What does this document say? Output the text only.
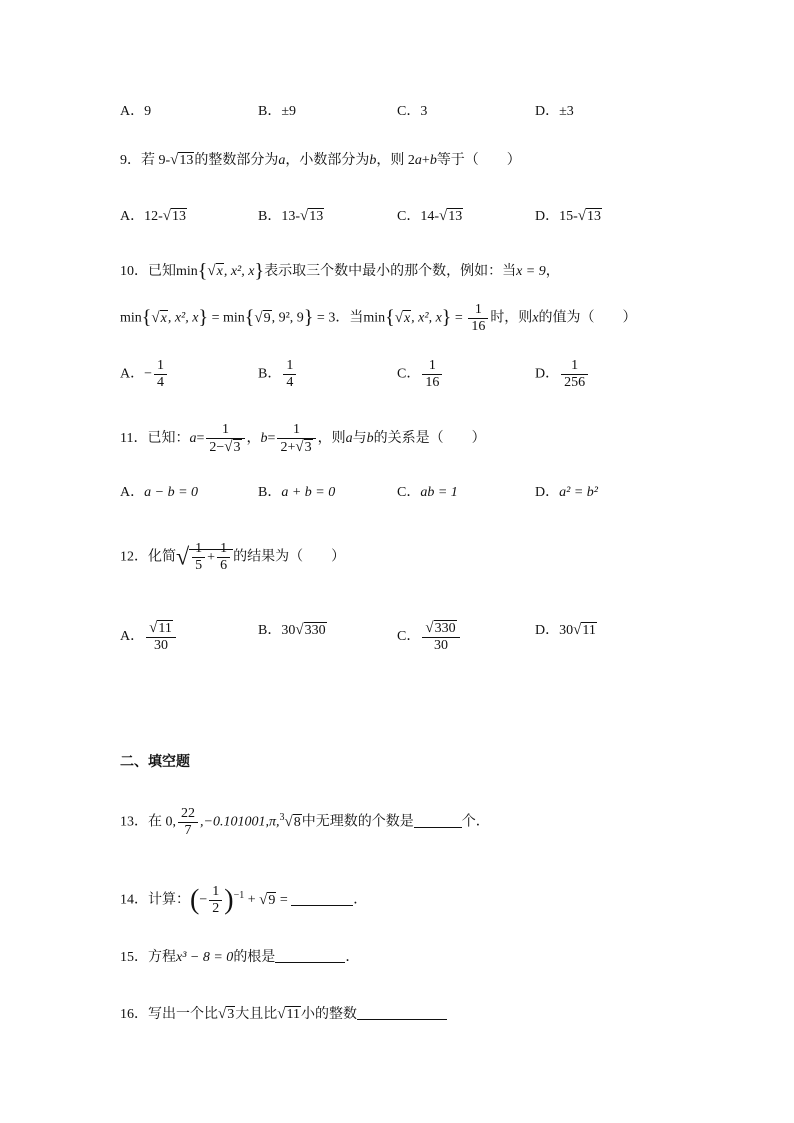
A．9	B．±9	C．3	D．±3
9．若 9-√13的整数部分为a，小数部分为b，则 2a+b等于（　　）
A．12-√13	B．13-√13	C．14-√13	D．15-√13
10．已知min{√x, x², x}表示取三个数中最小的那个数，例如：当x = 9，
min{√x, x², x} = min{√9, 9², 9} = 3．当min{√x, x², $x\} = \frac{1}{16}$ 时，则x的值为（　　）
A．− $\frac{1}{4}$	B． $\frac{1}{4}$	C． $\frac{1}{16}$	D． $\frac{1}{256}$
11．已知：$a= \frac{1}{2-√3}$ ，$b= \frac{1}{2+√3}$ ，则a与b的关系是（　　）
A．a − b = 0	B．a + b = 0	C．ab = 1	D．a² = b²
12．化简√ $\frac{1}{5} + \frac{1}{6}$ 的结果为（　　）
A． $\frac{√11}{30}$	B．30√330	C． $\frac{√330}{30}$	D．30√11
二、填空题
13．在 0, $\frac{22}{7} ,-0.101001,\pi,^3√8$中无理数的个数是	个．
14．计算：(− $\frac{1}{2} )^{-1} + √9$ =	．
15．方程x³ − 8 = 0的根是	．
16．写出一个比√3大且比√11小的整数
